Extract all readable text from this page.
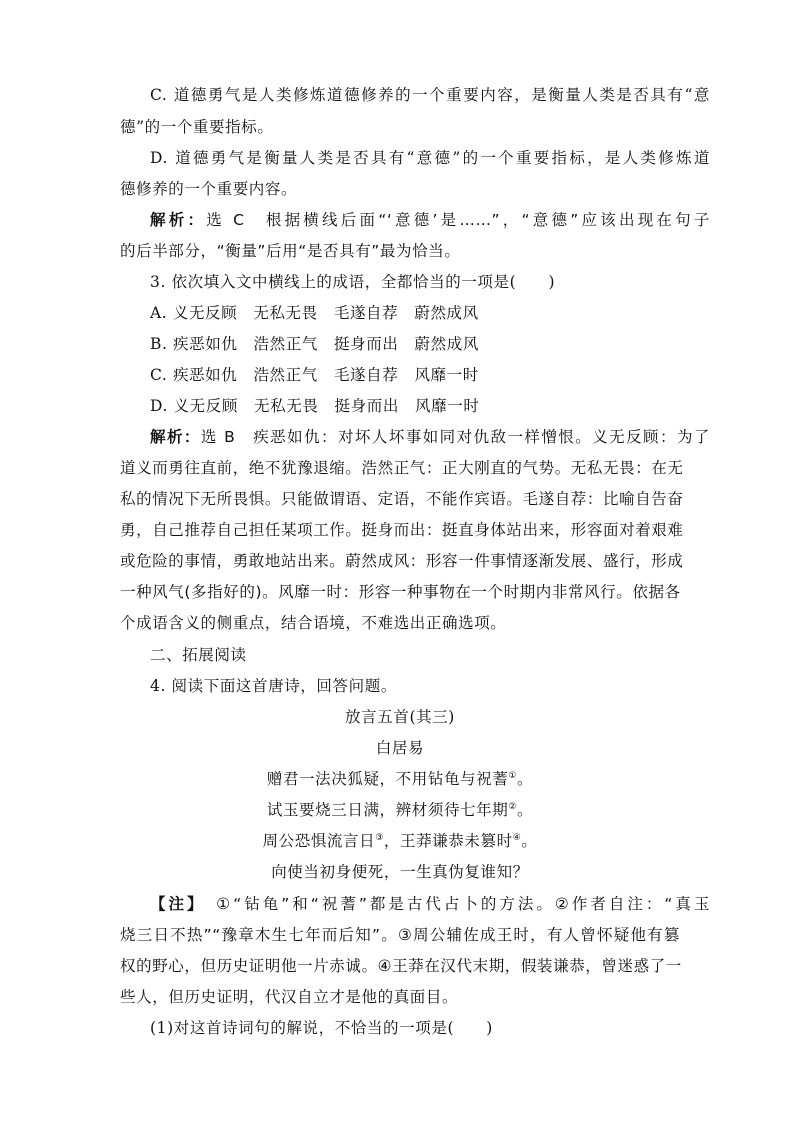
C. 道德勇气是人类修炼道德修养的一个重要内容，是衡量人类是否具有“意
德”的一个重要指标。
D. 道德勇气是衡量人类是否具有“意德”的一个重要指标，是人类修炼道
德修养的一个重要内容。
解析：选 C　根据横线后面“‘意德’是……”，“意德”应该出现在句子
的后半部分，“衡量”后用“是否具有”最为恰当。
3. 依次填入文中横线上的成语，全都恰当的一项是(　　)
A. 义无反顾　无私无畏　毛遂自荐　蔚然成风
B. 疾恶如仇　浩然正气　挺身而出　蔚然成风
C. 疾恶如仇　浩然正气　毛遂自荐　风靡一时
D. 义无反顾　无私无畏　挺身而出　风靡一时
解析：选 B　疾恶如仇：对坏人坏事如同对仇敌一样憎恨。义无反顾：为了
道义而勇往直前，绝不犹豫退缩。浩然正气：正大刚直的气势。无私无畏：在无
私的情况下无所畏惧。只能做谓语、定语，不能作宾语。毛遂自荐：比喻自告奋
勇，自己推荐自己担任某项工作。挺身而出：挺直身体站出来，形容面对着艰难
或危险的事情，勇敢地站出来。蔚然成风：形容一件事情逐渐发展、盛行，形成
一种风气(多指好的)。风靡一时：形容一种事物在一个时期内非常风行。依据各
个成语含义的侧重点，结合语境，不难选出正确选项。
二、拓展阅读
4. 阅读下面这首唐诗，回答问题。
放言五首(其三)
白居易
赠君一法决狐疑，不用钻龟与祝蓍①。
试玉要烧三日满，辨材须待七年期②。
周公恐惧流言日③，王莽谦恭未篡时④。
向使当初身便死，一生真伪复谁知？
【注】　①“钻龟”和“祝蓍”都是古代占卜的方法。②作者自注：“真玉
烧三日不热”“豫章木生七年而后知”。③周公辅佐成王时，有人曾怀疑他有篡
权的野心，但历史证明他一片赤诚。④王莽在汉代末期，假装谦恭，曾迷惑了一
些人，但历史证明，代汉自立才是他的真面目。
(1)对这首诗词句的解说，不恰当的一项是(　　)
